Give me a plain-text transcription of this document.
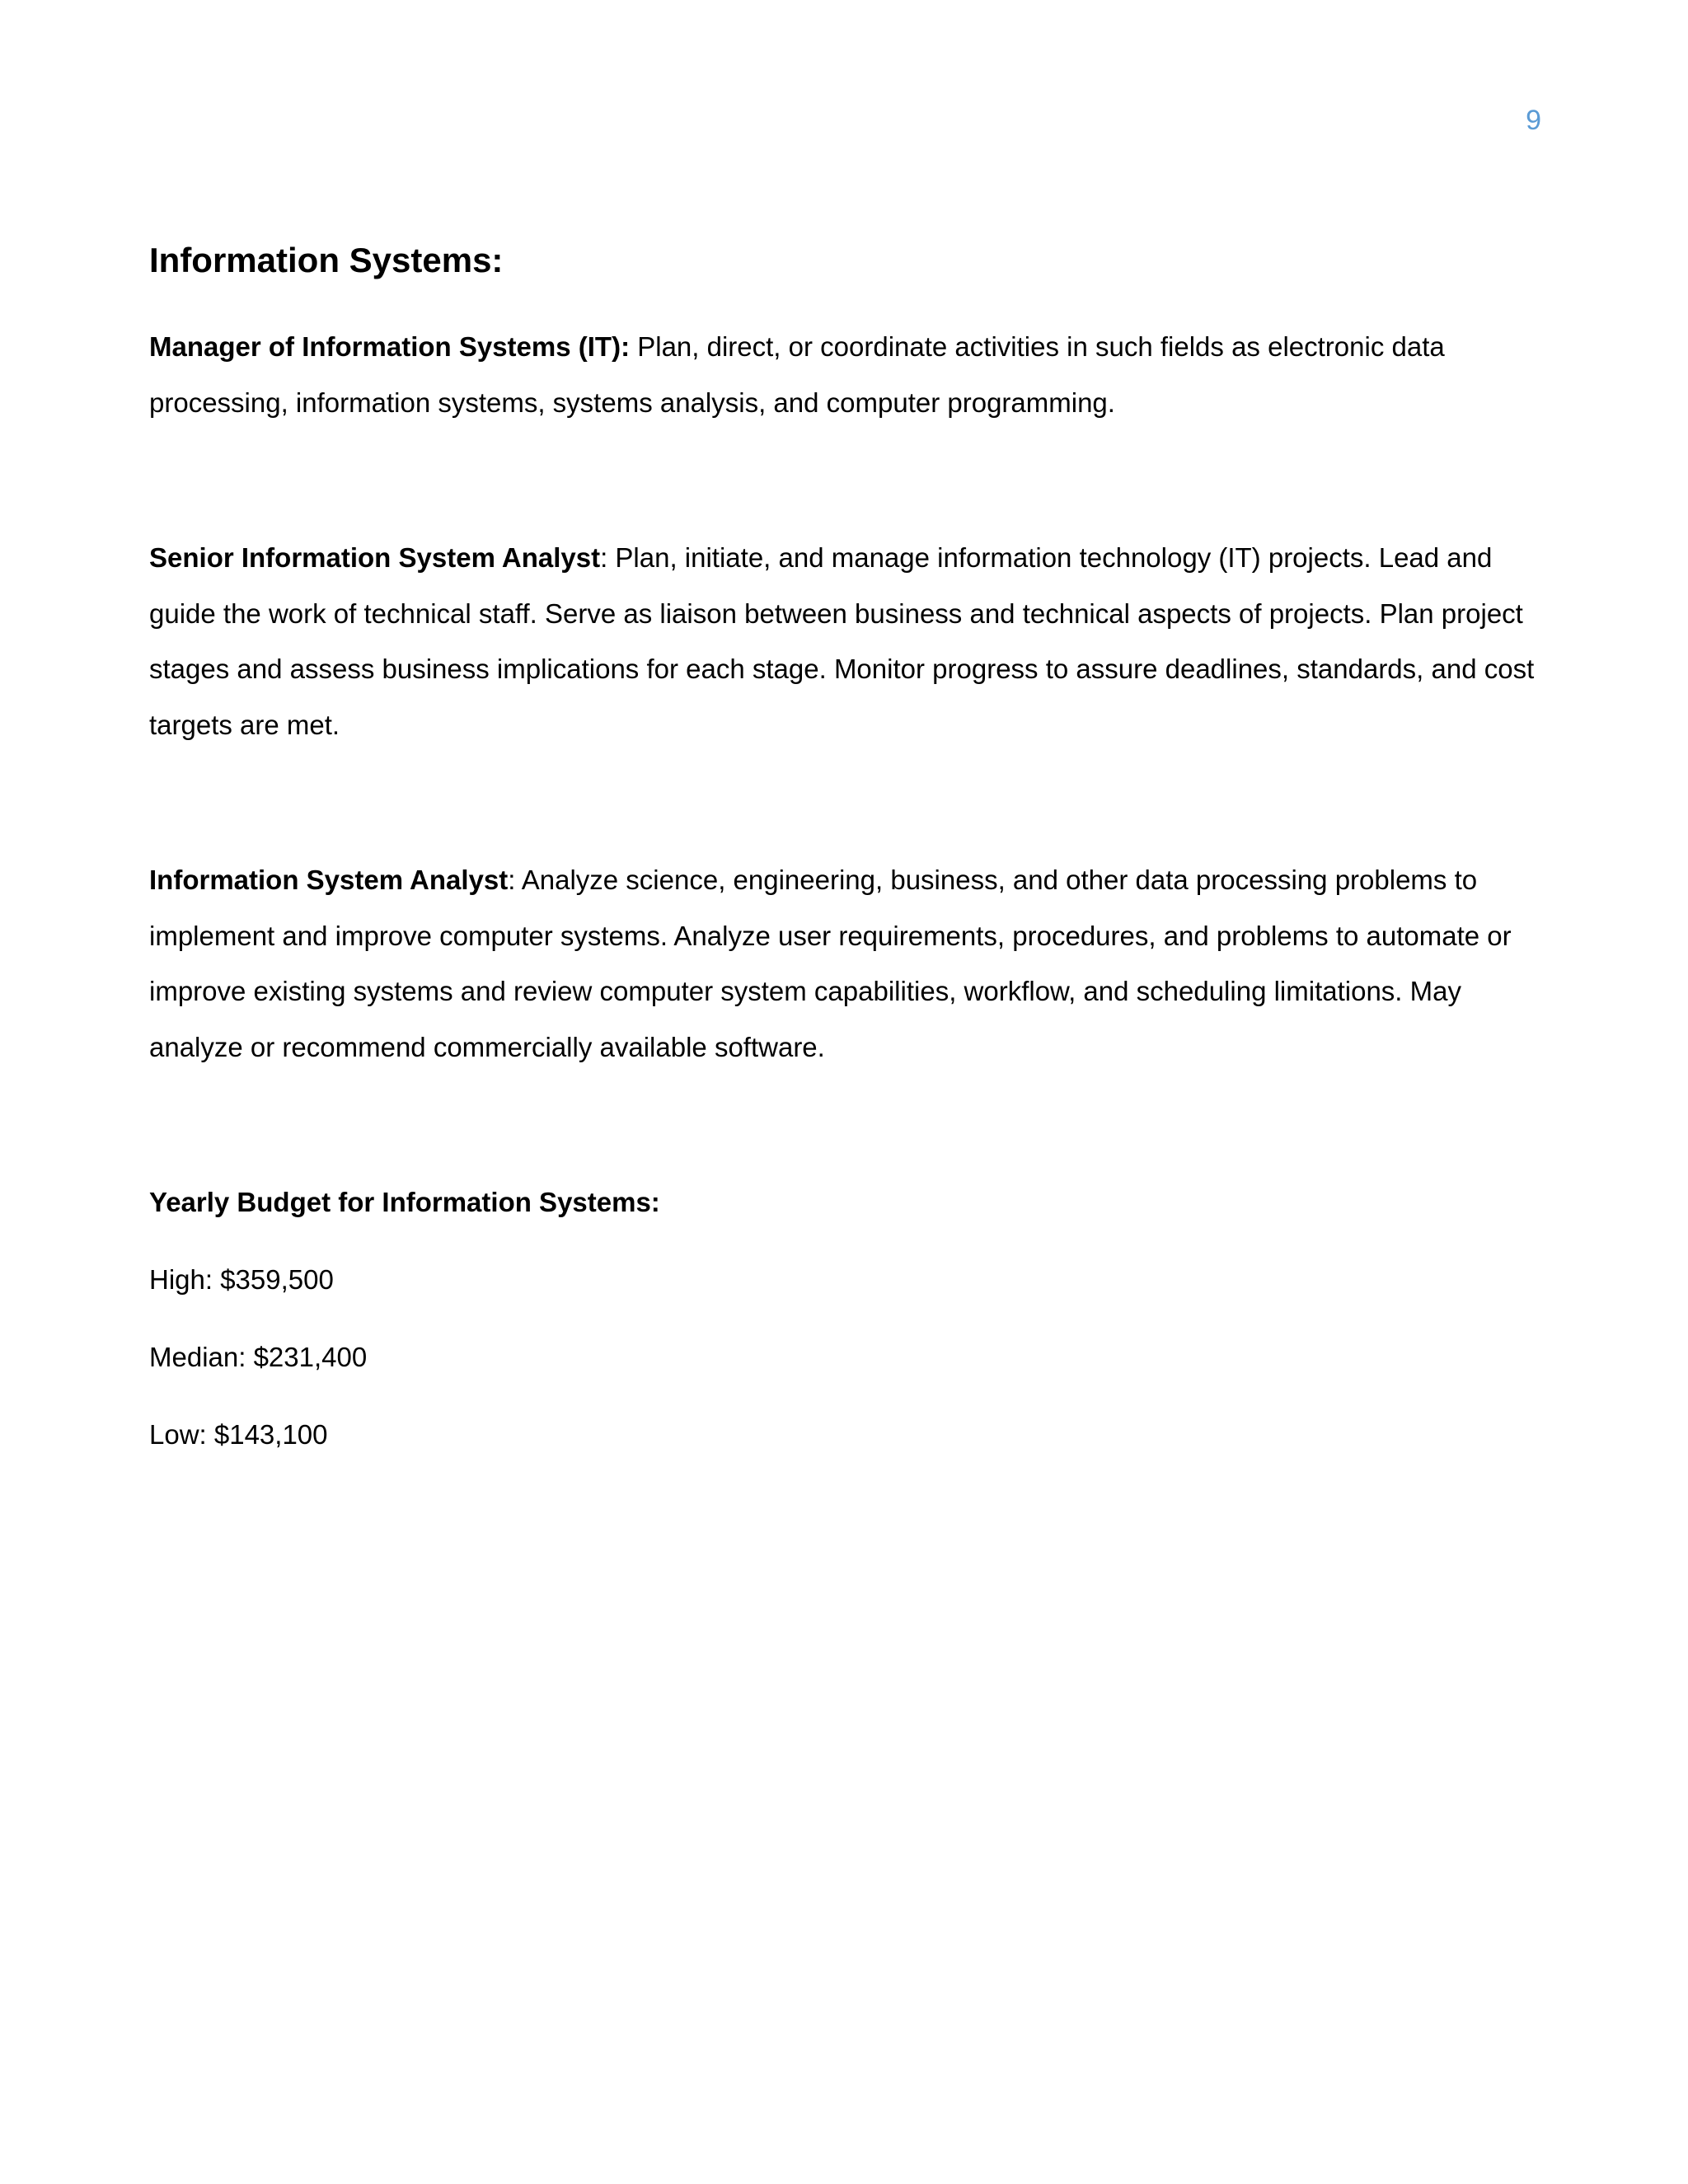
9
Information Systems:

Manager of Information Systems (IT): Plan, direct, or coordinate activities in such fields as electronic data processing, information systems, systems analysis, and computer programming.

Senior Information System Analyst: Plan, initiate, and manage information technology (IT) projects. Lead and guide the work of technical staff. Serve as liaison between business and technical aspects of projects. Plan project stages and assess business implications for each stage. Monitor progress to assure deadlines, standards, and cost targets are met.

Information System Analyst: Analyze science, engineering, business, and other data processing problems to implement and improve computer systems. Analyze user requirements, procedures, and problems to automate or improve existing systems and review computer system capabilities, workflow, and scheduling limitations. May analyze or recommend commercially available software.

Yearly Budget for Information Systems:

High: $359,500

Median: $231,400

Low: $143,100
